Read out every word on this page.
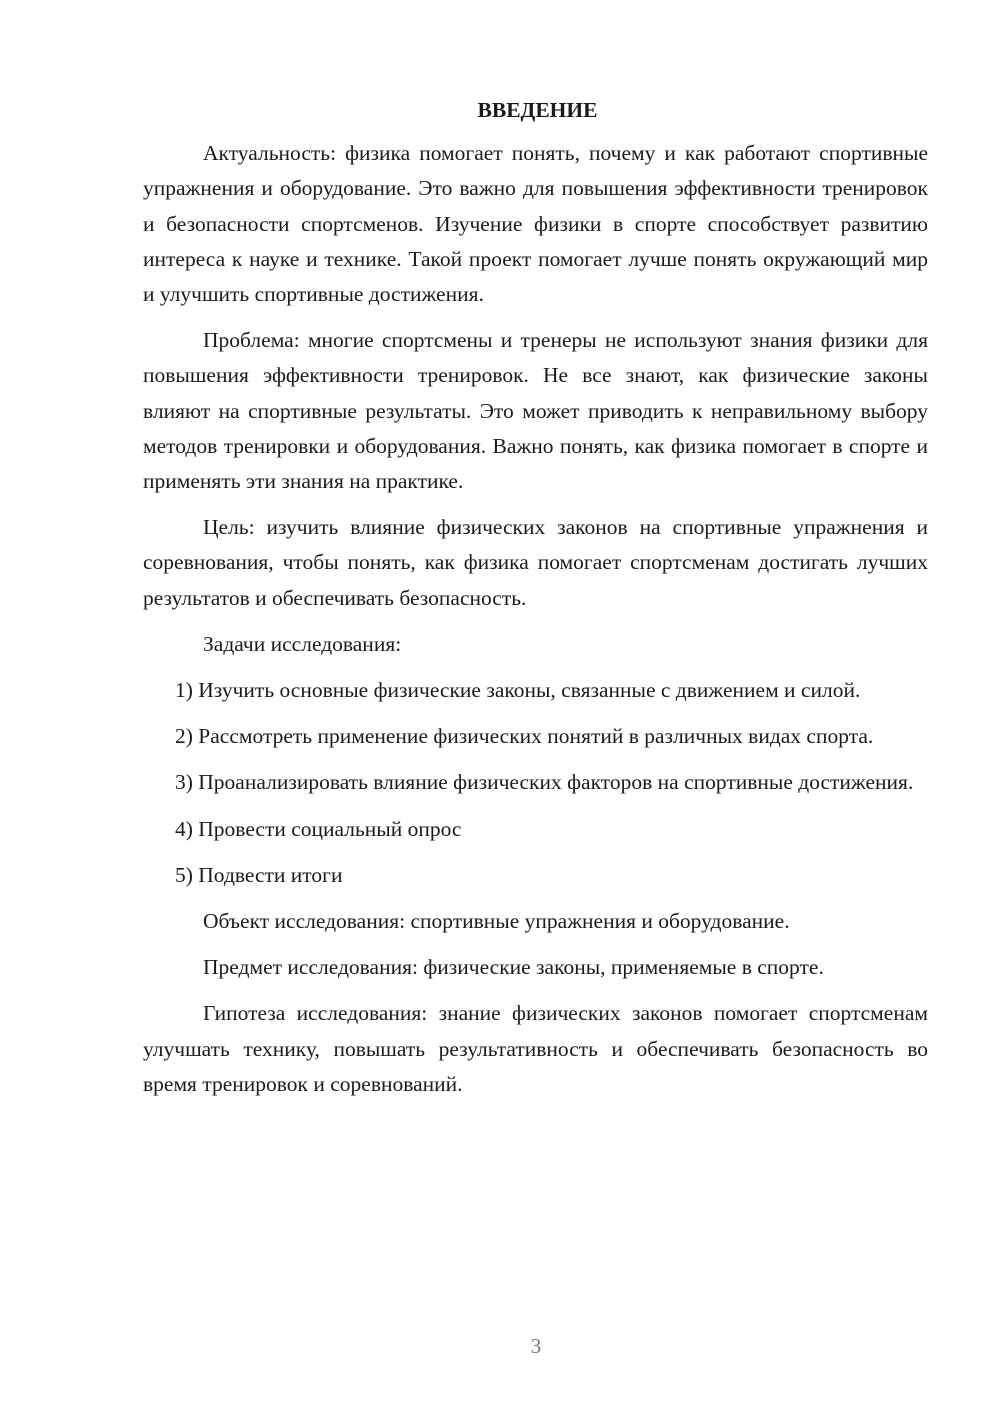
ВВЕДЕНИЕ

Актуальность: физика помогает понять, почему и как работают спортивные упражнения и оборудование. Это важно для повышения эффективности тренировок и безопасности спортсменов. Изучение физики в спорте способствует развитию интереса к науке и технике. Такой проект помогает лучше понять окружающий мир и улучшить спортивные достижения.

Проблема: многие спортсмены и тренеры не используют знания физики для повышения эффективности тренировок. Не все знают, как физические законы влияют на спортивные результаты. Это может приводить к неправильному выбору методов тренировки и оборудования. Важно понять, как физика помогает в спорте и применять эти знания на практике.

Цель: изучить влияние физических законов на спортивные упражнения и соревнования, чтобы понять, как физика помогает спортсменам достигать лучших результатов и обеспечивать безопасность.

Задачи исследования:

1) Изучить основные физические законы, связанные с движением и силой.

2) Рассмотреть применение физических понятий в различных видах спорта.

3) Проанализировать влияние физических факторов на спортивные достижения.

4) Провести социальный опрос

5) Подвести итоги

Объект исследования: спортивные упражнения и оборудование.

Предмет исследования: физические законы, применяемые в спорте.

Гипотеза исследования: знание физических законов помогает спортсменам улучшать технику, повышать результативность и обеспечивать безопасность во время тренировок и соревнований.

3
